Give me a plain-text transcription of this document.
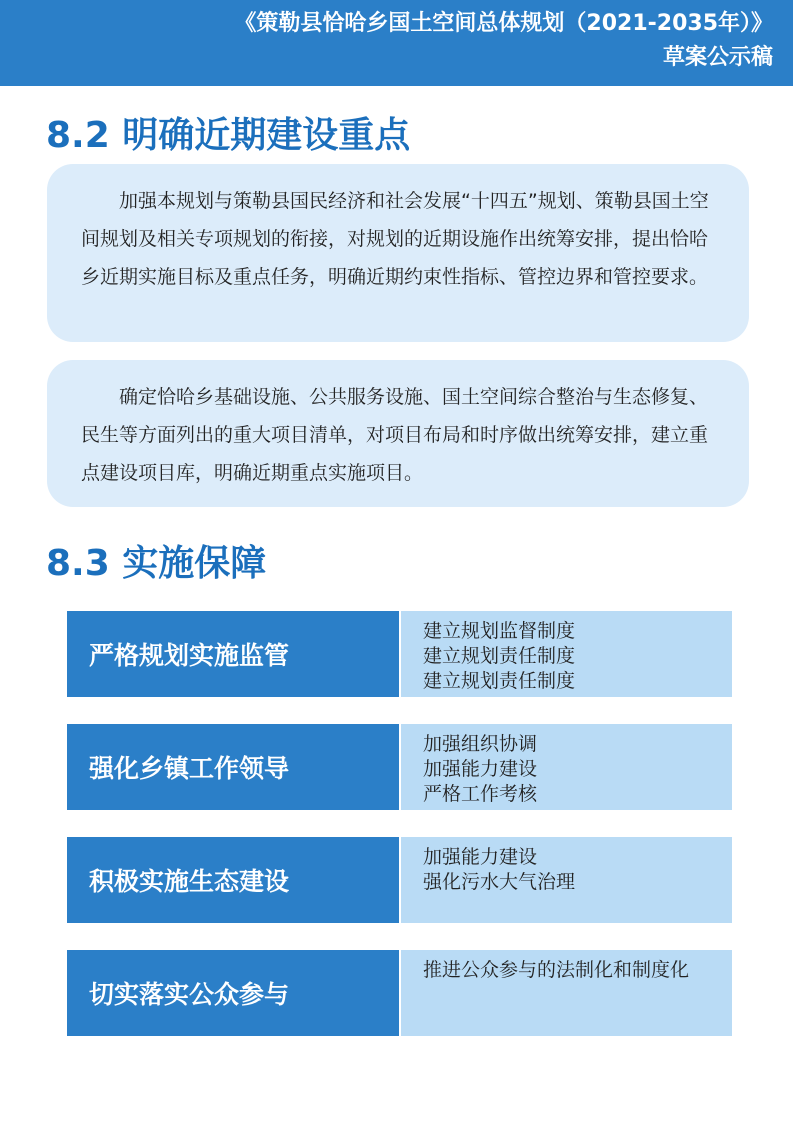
《策勒县恰哈乡国土空间总体规划（2021-2035年）》
草案公示稿
8.2 明确近期建设重点

加强本规划与策勒县国民经济和社会发展“十四五”规划、策勒县国土空间规划及相关专项规划的衔接，对规划的近期设施作出统筹安排，提出恰哈乡近期实施目标及重点任务，明确近期约束性指标、管控边界和管控要求。

确定恰哈乡基础设施、公共服务设施、国土空间综合整治与生态修复、民生等方面列出的重大项目清单，对项目布局和时序做出统筹安排，建立重点建设项目库，明确近期重点实施项目。

8.3 实施保障
严格规划实施监管
建立规划监督制度
建立规划责任制度
建立规划责任制度
强化乡镇工作领导
加强组织协调
加强能力建设
严格工作考核
积极实施生态建设
加强能力建设
强化污水大气治理
切实落实公众参与
推进公众参与的法制化和制度化
